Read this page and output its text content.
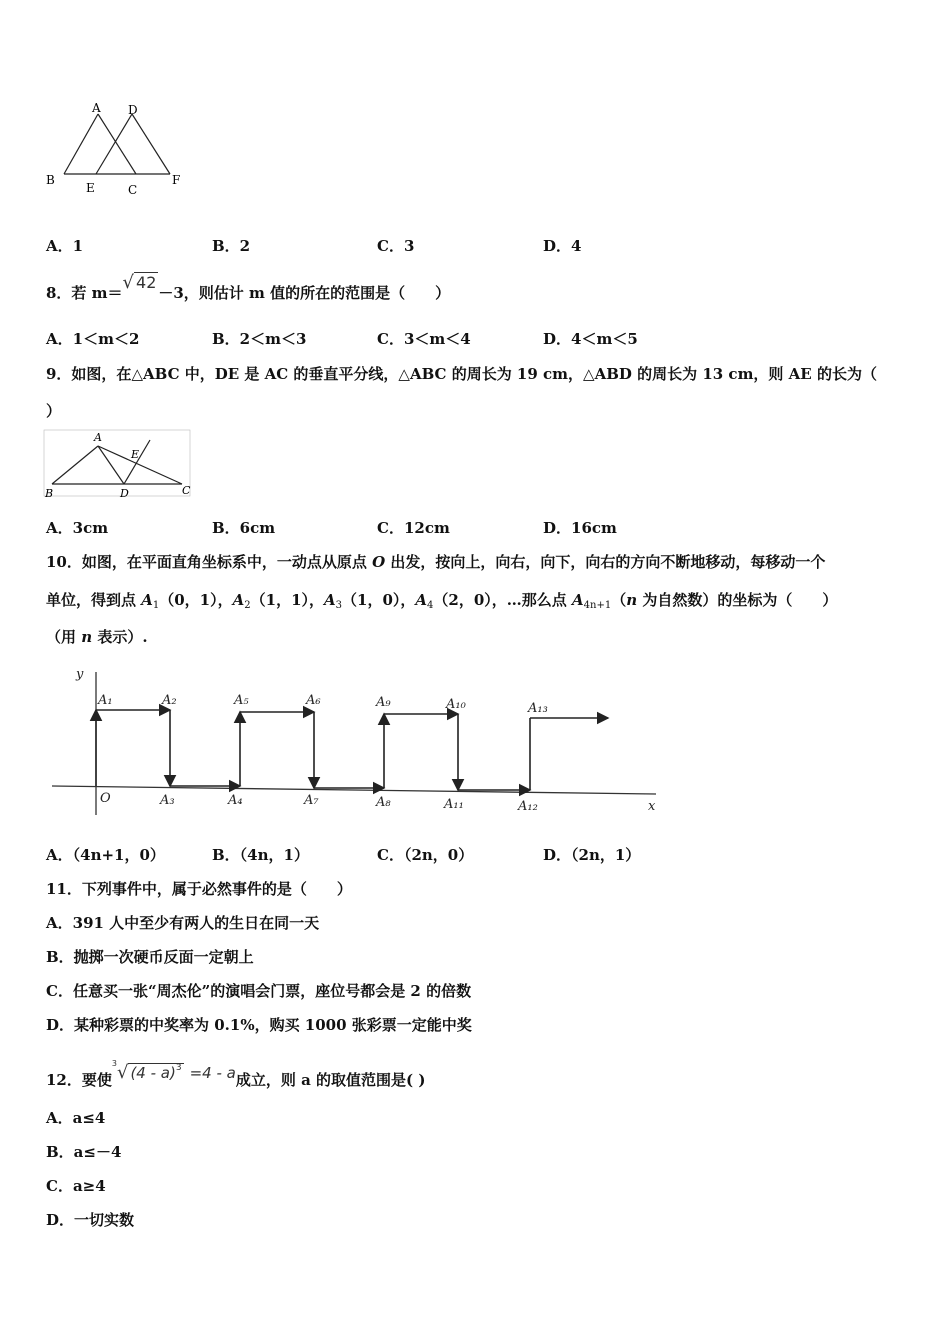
A D
B
E	C
F
A．1	B．2	C．3	D．4
8．若 m＝√ 42－3，则估计 m 值的所在的范围是（　　）
A．1＜m＜2	B．2＜m＜3	C．3＜m＜4	D．4＜m＜5
9．如图，在△ABC 中，DE 是 AC 的垂直平分线，△ABC 的周长为 19 cm，△ABD 的周长为 13 cm，则 AE 的长为（
）
A
B	D
E
C
A．3cm	B．6cm	C．12cm	D．16cm
10．如图，在平面直角坐标系中，一动点从原点 O 出发，按向上，向右，向下，向右的方向不断地移动，每移动一个
单位，得到点 $A_1(0$，1），$A_2(1$，1），$A_3(1$，0），$A_4(2$，0），…那么点 $A_{4n+1}(n$ 为自然数）的坐标为（　　）
（用 n 表示）.
y
x
O
A₁	A₂
A₃	A₄
A₅	A₆
A₇	A₈
A₉	A₁₀
A₁₁	A₁₂
A₁₃
A．（4n+1，0）	B．（4n，1）	C．（2n，0）	D．（2n，1）
11．下列事件中，属于必然事件的是（　　）
A．391 人中至少有两人的生日在同一天
B．抛掷一次硬币反面一定朝上
C．任意买一张“周杰伦”的演唱会门票，座位号都会是 2 的倍数
D．某种彩票的中奖率为 0.1%，购买 1000 张彩票一定能中奖
12．要使$^3$√ (4 - a)$^3$ =4 - a成立，则 a 的取值范围是( )
A．a≤4
B．a≤－4
C．a≥4
D．一切实数
